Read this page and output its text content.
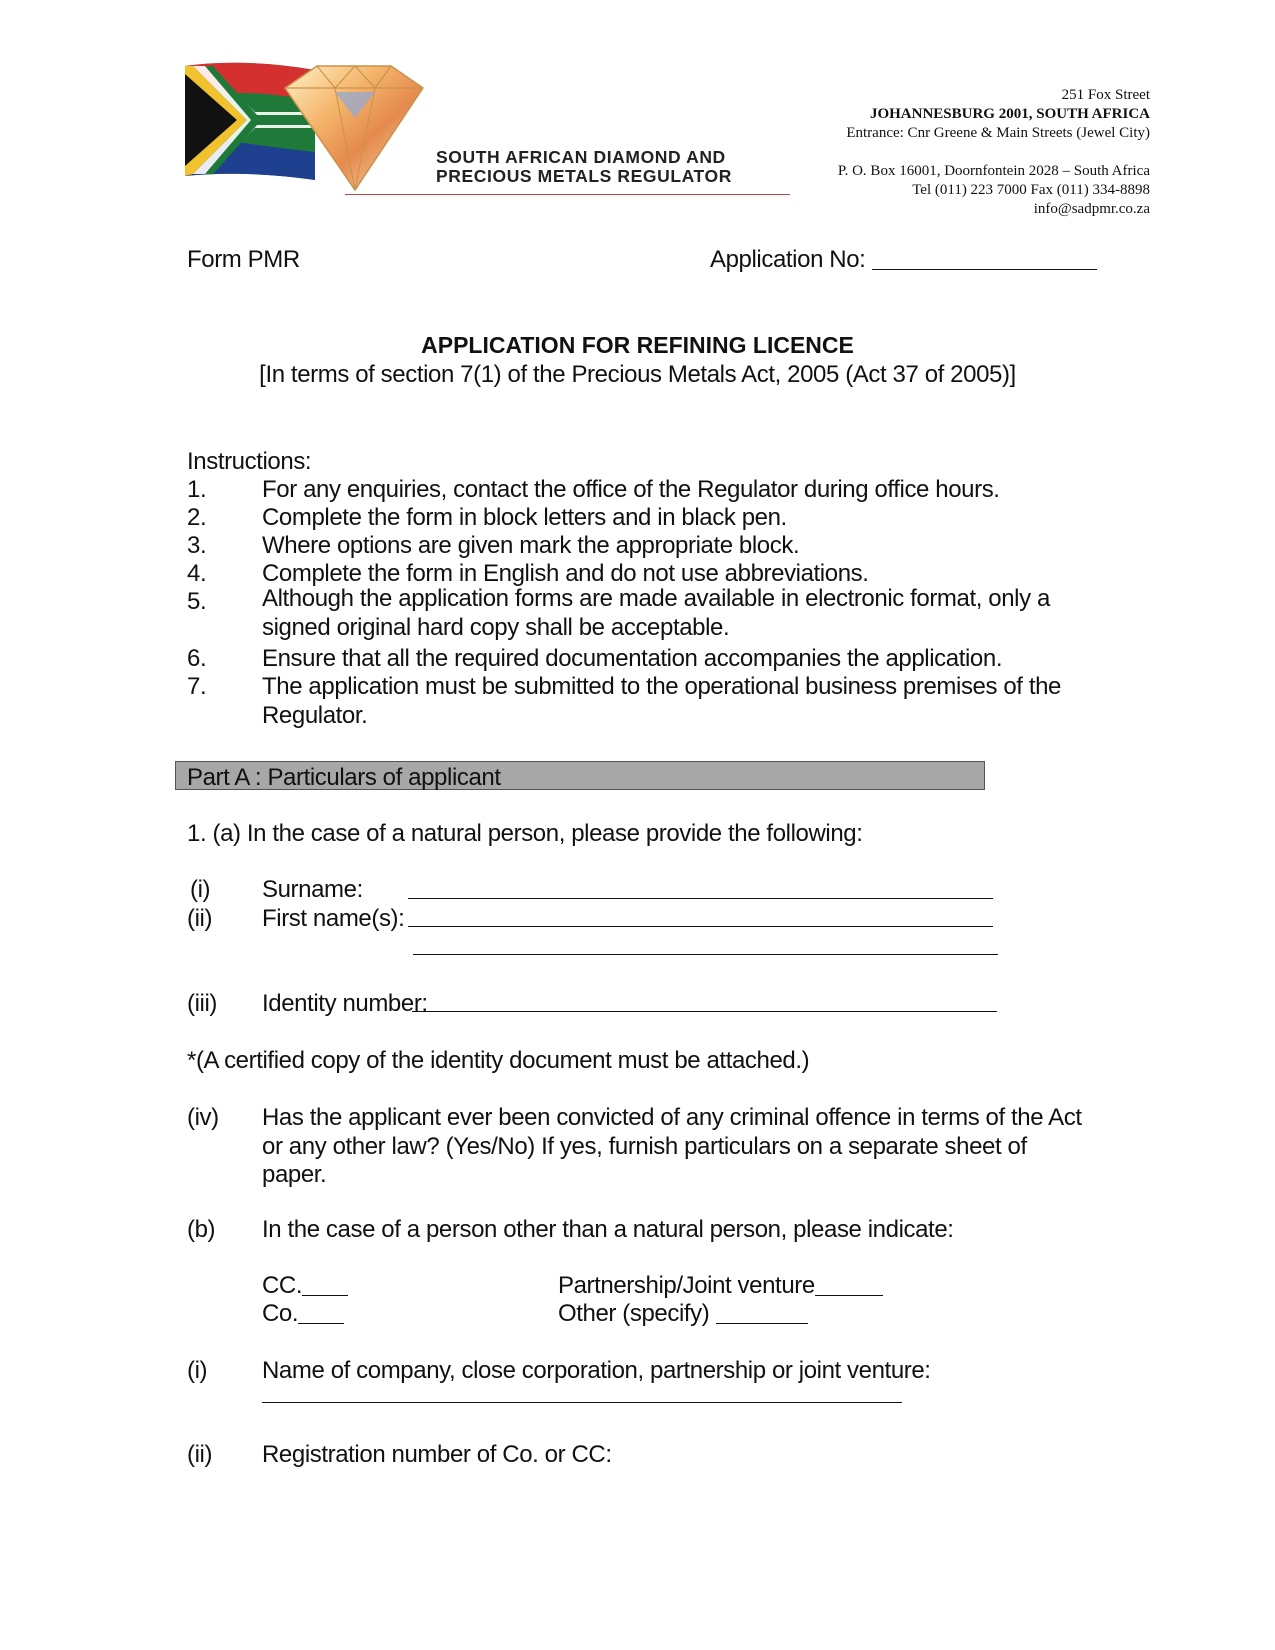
SOUTH AFRICAN DIAMOND AND
PRECIOUS METALS REGULATOR
251 Fox Street
JOHANNESBURG 2001, SOUTH AFRICA
Entrance: Cnr Greene & Main Streets (Jewel City)
P. O. Box 16001, Doornfontein 2028 – South Africa
Tel (011) 223 7000 Fax (011) 334-8898
info@sadpmr.co.za
Form PMR	Application No:
APPLICATION FOR REFINING LICENCE
[In terms of section 7(1) of the Precious Metals Act, 2005 (Act 37 of 2005)]
Instructions:
1. For any enquiries, contact the office of the Regulator during office hours.
2. Complete the form in block letters and in black pen.
3. Where options are given mark the appropriate block.
4. Complete the form in English and do not use abbreviations.
5. Although the application forms are made available in electronic format, only a signed original hard copy shall be acceptable.
6. Ensure that all the required documentation accompanies the application.
7. The application must be submitted to the operational business premises of the Regulator.
Part A : Particulars of applicant
1. (a) In the case of a natural person, please provide the following:
(i) Surname:
(ii) First name(s):
(iii) Identity number:
*(A certified copy of the identity document must be attached.)
(iv) Has the applicant ever been convicted of any criminal offence in terms of the Act or any other law? (Yes/No) If yes, furnish particulars on a separate sheet of paper.
(b) In the case of a person other than a natural person, please indicate:
CC.
Co.
Partnership/Joint venture
Other (specify)
(i) Name of company, close corporation, partnership or joint venture:
(ii) Registration number of Co. or CC:
